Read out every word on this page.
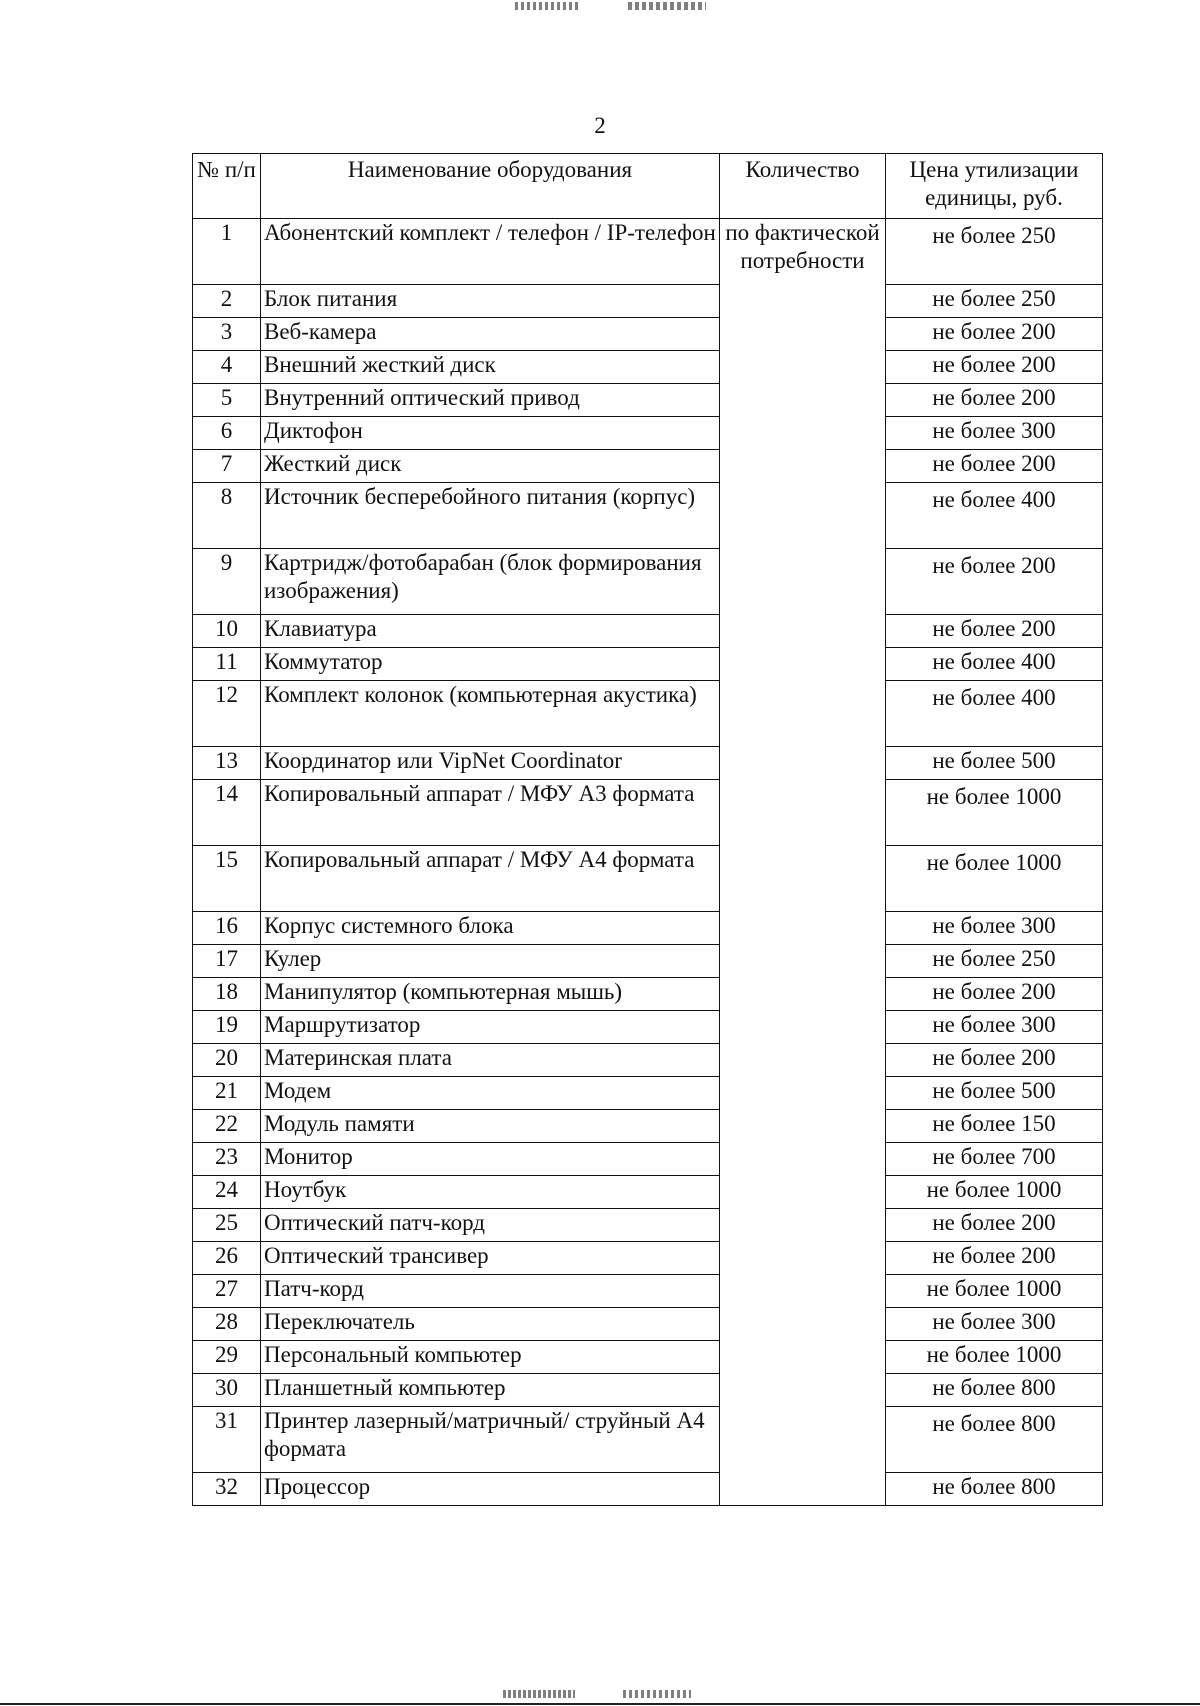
2
№ п/п	Наименование оборудования	Количество	Цена утилизации единицы, руб.
1	Абонентский комплект / телефон / IP-телефон	по фактической потребности	не более 250
2	Блок питания		не более 250
3	Веб-камера		не более 200
4	Внешний жесткий диск		не более 200
5	Внутренний оптический привод		не более 200
6	Диктофон		не более 300
7	Жесткий диск		не более 200
8	Источник бесперебойного питания (корпус)		не более 400
9	Картридж/фотобарабан (блок формирования изображения)		не более 200
10	Клавиатура		не более 200
11	Коммутатор		не более 400
12	Комплект колонок (компьютерная акустика)		не более 400
13	Координатор или VipNet Coordinator		не более 500
14	Копировальный аппарат / МФУ А3 формата		не более 1000
15	Копировальный аппарат / МФУ А4 формата		не более 1000
16	Корпус системного блока		не более 300
17	Кулер		не более 250
18	Манипулятор (компьютерная мышь)		не более 200
19	Маршрутизатор		не более 300
20	Материнская плата		не более 200
21	Модем		не более 500
22	Модуль памяти		не более 150
23	Монитор		не более 700
24	Ноутбук		не более 1000
25	Оптический патч-корд		не более 200
26	Оптический трансивер		не более 200
27	Патч-корд		не более 1000
28	Переключатель		не более 300
29	Персональный компьютер		не более 1000
30	Планшетный компьютер		не более 800
31	Принтер лазерный/матричный/ струйный А4 формата		не более 800
32	Процессор		не более 800
